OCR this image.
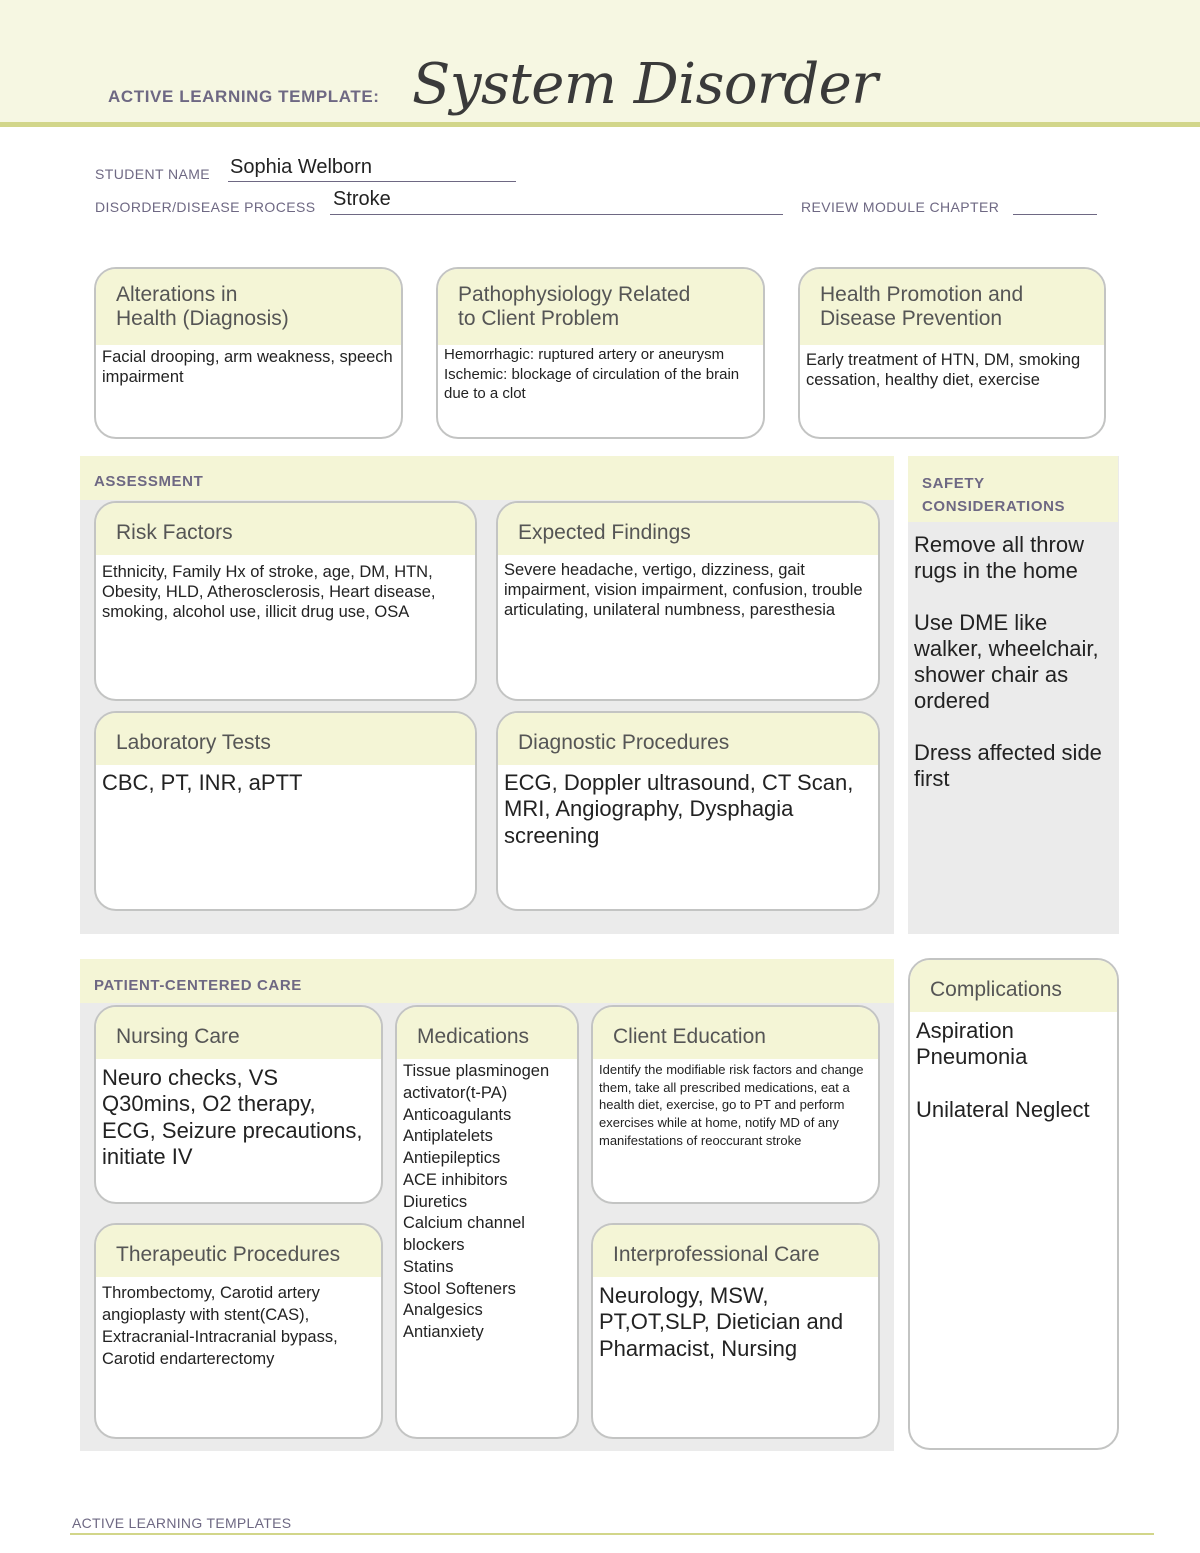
ACTIVE LEARNING TEMPLATE: System Disorder
STUDENT NAME Sophia Welborn
DISORDER/DISEASE PROCESS Stroke	REVIEW MODULE CHAPTER
Alterations in
Health (Diagnosis)
Facial drooping, arm weakness, speech impairment
Pathophysiology Related
to Client Problem
Hemorrhagic: ruptured artery or aneurysm
Ischemic: blockage of circulation of the brain due to a clot
Health Promotion and
Disease Prevention
Early treatment of HTN, DM, smoking cessation, healthy diet, exercise
ASSESSMENT
Risk Factors
Ethnicity, Family Hx of stroke, age, DM, HTN, Obesity, HLD, Atherosclerosis, Heart disease, smoking, alcohol use, illicit drug use, OSA
Expected Findings
Severe headache, vertigo, dizziness, gait impairment, vision impairment, confusion, trouble articulating, unilateral numbness, paresthesia
Laboratory Tests
CBC, PT, INR, aPTT
Diagnostic Procedures
ECG, Doppler ultrasound, CT Scan, MRI, Angiography, Dysphagia screening
SAFETY
CONSIDERATIONS
Remove all throw rugs in the home

Use DME like walker, wheelchair, shower chair as ordered

Dress affected side first
PATIENT-CENTERED CARE
Nursing Care
Neuro checks, VS Q30mins, O2 therapy, ECG, Seizure precautions, initiate IV
Medications
Tissue plasminogen activator(t-PA)
Anticoagulants
Antiplatelets
Antiepileptics
ACE inhibitors
Diuretics
Calcium channel blockers
Statins
Stool Softeners
Analgesics
Antianxiety
Client Education
Identify the modifiable risk factors and change them, take all prescribed medications, eat a health diet, exercise, go to PT and perform exercises while at home, notify MD of any manifestations of reoccurant stroke
Therapeutic Procedures
Thrombectomy, Carotid artery angioplasty with stent(CAS), Extracranial-Intracranial bypass, Carotid endarterectomy
Interprofessional Care
Neurology, MSW, PT,OT,SLP, Dietician and Pharmacist, Nursing
Complications
Aspiration Pneumonia

Unilateral Neglect
ACTIVE LEARNING TEMPLATES
